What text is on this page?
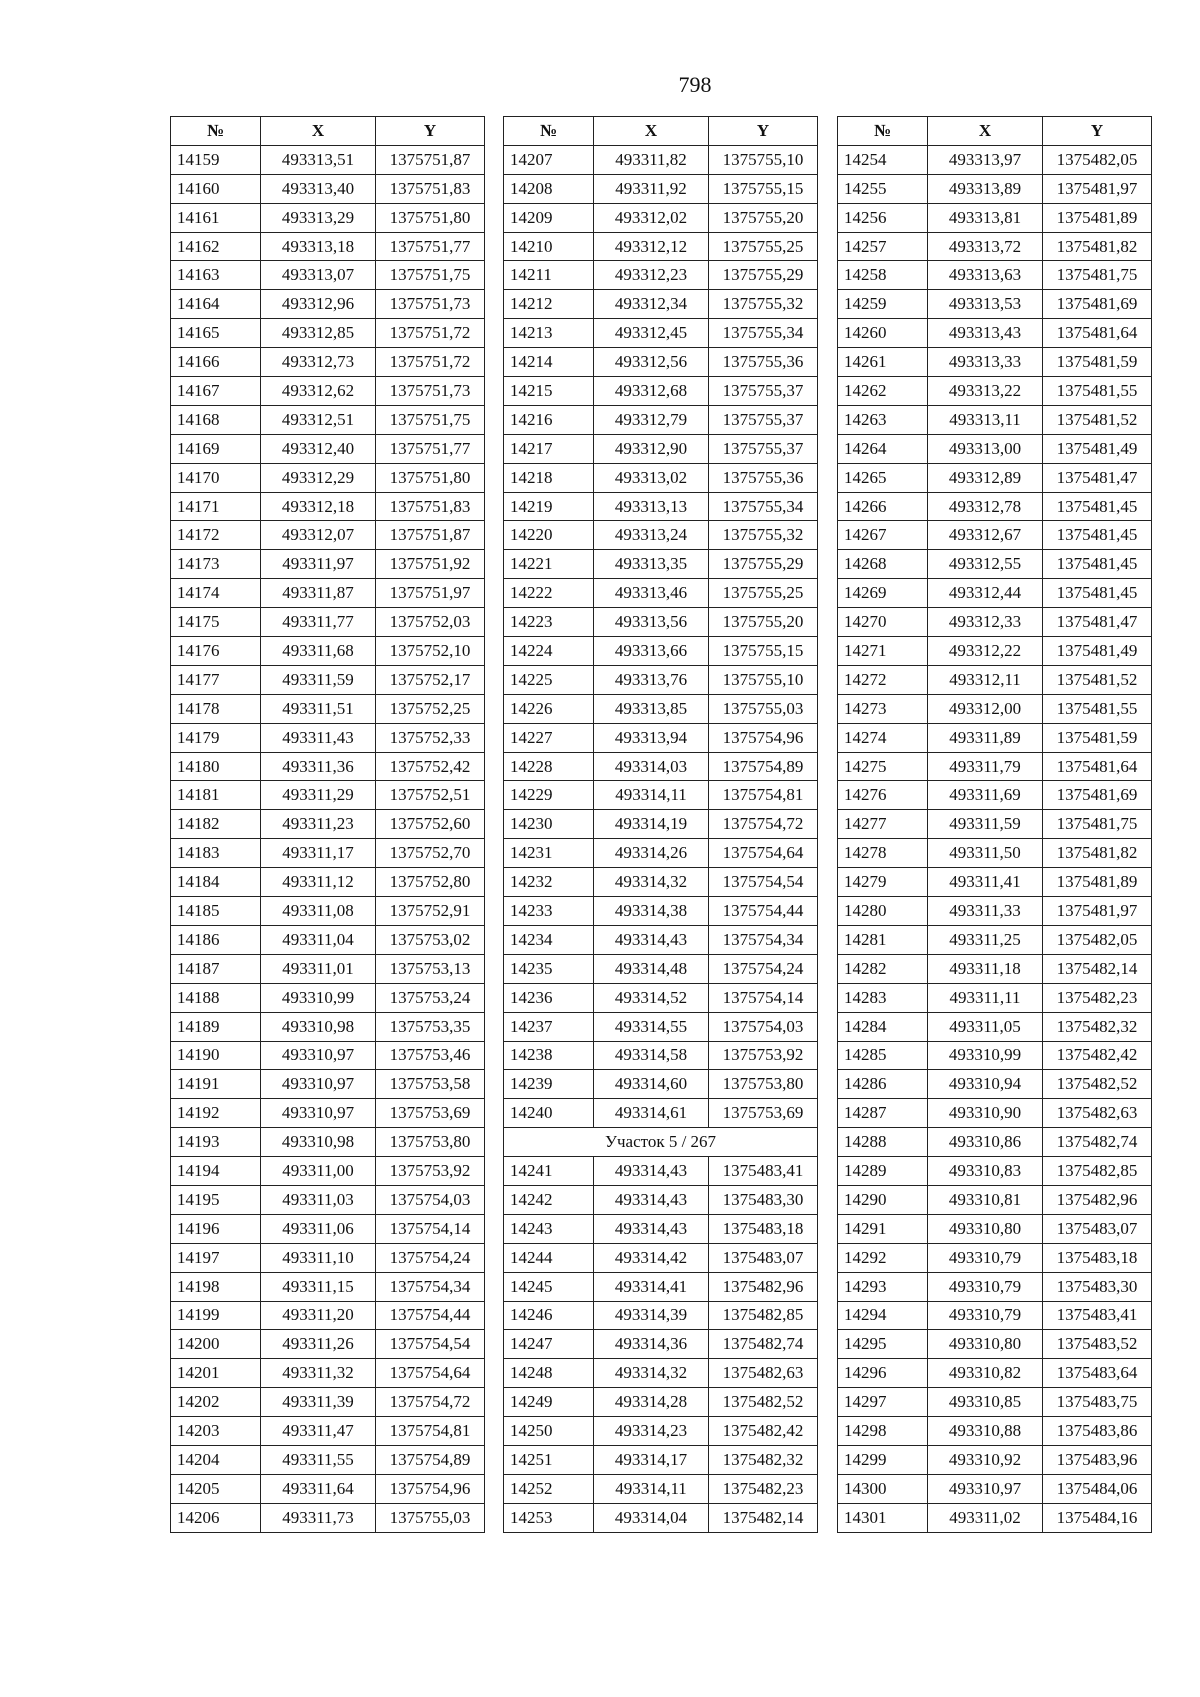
798
№	X	Y
14159	493313,51	1375751,87
14160	493313,40	1375751,83
14161	493313,29	1375751,80
14162	493313,18	1375751,77
14163	493313,07	1375751,75
14164	493312,96	1375751,73
14165	493312,85	1375751,72
14166	493312,73	1375751,72
14167	493312,62	1375751,73
14168	493312,51	1375751,75
14169	493312,40	1375751,77
14170	493312,29	1375751,80
14171	493312,18	1375751,83
14172	493312,07	1375751,87
14173	493311,97	1375751,92
14174	493311,87	1375751,97
14175	493311,77	1375752,03
14176	493311,68	1375752,10
14177	493311,59	1375752,17
14178	493311,51	1375752,25
14179	493311,43	1375752,33
14180	493311,36	1375752,42
14181	493311,29	1375752,51
14182	493311,23	1375752,60
14183	493311,17	1375752,70
14184	493311,12	1375752,80
14185	493311,08	1375752,91
14186	493311,04	1375753,02
14187	493311,01	1375753,13
14188	493310,99	1375753,24
14189	493310,98	1375753,35
14190	493310,97	1375753,46
14191	493310,97	1375753,58
14192	493310,97	1375753,69
14193	493310,98	1375753,80
14194	493311,00	1375753,92
14195	493311,03	1375754,03
14196	493311,06	1375754,14
14197	493311,10	1375754,24
14198	493311,15	1375754,34
14199	493311,20	1375754,44
14200	493311,26	1375754,54
14201	493311,32	1375754,64
14202	493311,39	1375754,72
14203	493311,47	1375754,81
14204	493311,55	1375754,89
14205	493311,64	1375754,96
14206	493311,73	1375755,03
№	X	Y
14207	493311,82	1375755,10
14208	493311,92	1375755,15
14209	493312,02	1375755,20
14210	493312,12	1375755,25
14211	493312,23	1375755,29
14212	493312,34	1375755,32
14213	493312,45	1375755,34
14214	493312,56	1375755,36
14215	493312,68	1375755,37
14216	493312,79	1375755,37
14217	493312,90	1375755,37
14218	493313,02	1375755,36
14219	493313,13	1375755,34
14220	493313,24	1375755,32
14221	493313,35	1375755,29
14222	493313,46	1375755,25
14223	493313,56	1375755,20
14224	493313,66	1375755,15
14225	493313,76	1375755,10
14226	493313,85	1375755,03
14227	493313,94	1375754,96
14228	493314,03	1375754,89
14229	493314,11	1375754,81
14230	493314,19	1375754,72
14231	493314,26	1375754,64
14232	493314,32	1375754,54
14233	493314,38	1375754,44
14234	493314,43	1375754,34
14235	493314,48	1375754,24
14236	493314,52	1375754,14
14237	493314,55	1375754,03
14238	493314,58	1375753,92
14239	493314,60	1375753,80
14240	493314,61	1375753,69
Участок 5 / 267		
14241	493314,43	1375483,41
14242	493314,43	1375483,30
14243	493314,43	1375483,18
14244	493314,42	1375483,07
14245	493314,41	1375482,96
14246	493314,39	1375482,85
14247	493314,36	1375482,74
14248	493314,32	1375482,63
14249	493314,28	1375482,52
14250	493314,23	1375482,42
14251	493314,17	1375482,32
14252	493314,11	1375482,23
14253	493314,04	1375482,14
№	X	Y
14254	493313,97	1375482,05
14255	493313,89	1375481,97
14256	493313,81	1375481,89
14257	493313,72	1375481,82
14258	493313,63	1375481,75
14259	493313,53	1375481,69
14260	493313,43	1375481,64
14261	493313,33	1375481,59
14262	493313,22	1375481,55
14263	493313,11	1375481,52
14264	493313,00	1375481,49
14265	493312,89	1375481,47
14266	493312,78	1375481,45
14267	493312,67	1375481,45
14268	493312,55	1375481,45
14269	493312,44	1375481,45
14270	493312,33	1375481,47
14271	493312,22	1375481,49
14272	493312,11	1375481,52
14273	493312,00	1375481,55
14274	493311,89	1375481,59
14275	493311,79	1375481,64
14276	493311,69	1375481,69
14277	493311,59	1375481,75
14278	493311,50	1375481,82
14279	493311,41	1375481,89
14280	493311,33	1375481,97
14281	493311,25	1375482,05
14282	493311,18	1375482,14
14283	493311,11	1375482,23
14284	493311,05	1375482,32
14285	493310,99	1375482,42
14286	493310,94	1375482,52
14287	493310,90	1375482,63
14288	493310,86	1375482,74
14289	493310,83	1375482,85
14290	493310,81	1375482,96
14291	493310,80	1375483,07
14292	493310,79	1375483,18
14293	493310,79	1375483,30
14294	493310,79	1375483,41
14295	493310,80	1375483,52
14296	493310,82	1375483,64
14297	493310,85	1375483,75
14298	493310,88	1375483,86
14299	493310,92	1375483,96
14300	493310,97	1375484,06
14301	493311,02	1375484,16
